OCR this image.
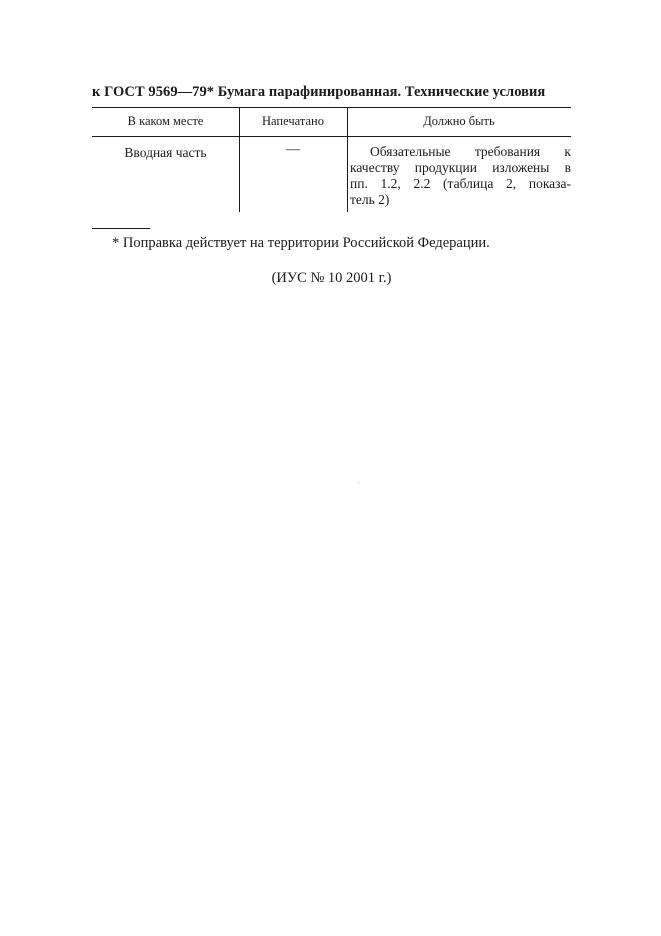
к ГОСТ 9569—79* Бумага парафинированная. Технические условия
В каком месте	Напечатано	Должно быть
Вводная часть	—	Обязательные требования к
качеству продукции изложены в
пп. 1.2, 2.2 (таблица 2, показа-
тель 2)
* Поправка действует на территории Российской Федерации.
(ИУС № 10 2001 г.)
